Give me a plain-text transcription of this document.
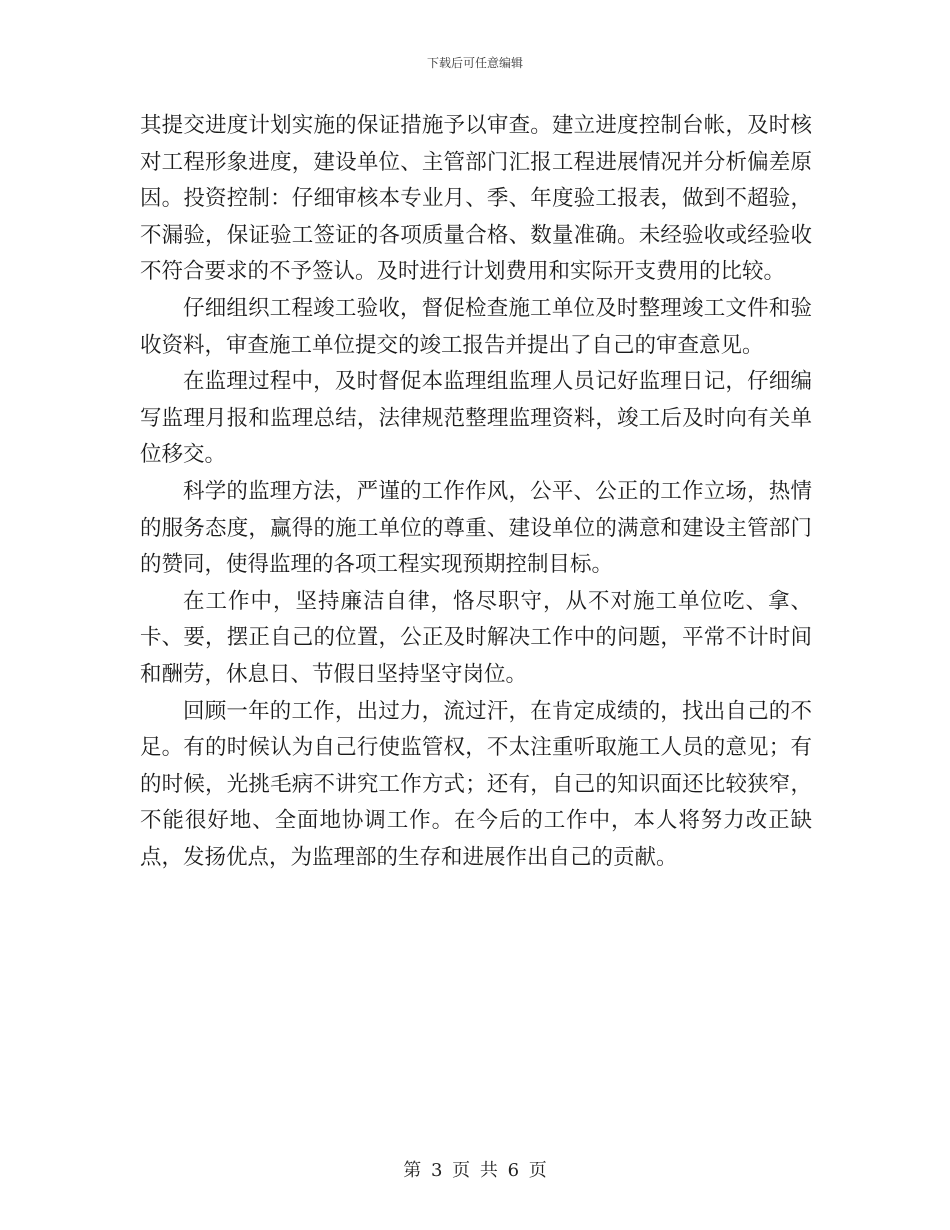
下载后可任意编辑

其提交进度计划实施的保证措施予以审查。建立进度控制台帐，及时核对工程形象进度，建设单位、主管部门汇报工程进展情况并分析偏差原因。投资控制：仔细审核本专业月、季、年度验工报表，做到不超验，不漏验，保证验工签证的各项质量合格、数量准确。未经验收或经验收不符合要求的不予签认。及时进行计划费用和实际开支费用的比较。

仔细组织工程竣工验收，督促检查施工单位及时整理竣工文件和验收资料，审查施工单位提交的竣工报告并提出了自己的审查意见。

在监理过程中，及时督促本监理组监理人员记好监理日记，仔细编写监理月报和监理总结，法律规范整理监理资料，竣工后及时向有关单位移交。

科学的监理方法，严谨的工作作风，公平、公正的工作立场，热情的服务态度，赢得的施工单位的尊重、建设单位的满意和建设主管部门的赞同，使得监理的各项工程实现预期控制目标。

在工作中，坚持廉洁自律，恪尽职守，从不对施工单位吃、拿、卡、要，摆正自己的位置，公正及时解决工作中的问题，平常不计时间和酬劳，休息日、节假日坚持坚守岗位。

回顾一年的工作，出过力，流过汗，在肯定成绩的，找出自己的不足。有的时候认为自己行使监管权，不太注重听取施工人员的意见；有的时候，光挑毛病不讲究工作方式；还有，自己的知识面还比较狭窄，不能很好地、全面地协调工作。在今后的工作中，本人将努力改正缺点，发扬优点，为监理部的生存和进展作出自己的贡献。

第 3 页 共 6 页
